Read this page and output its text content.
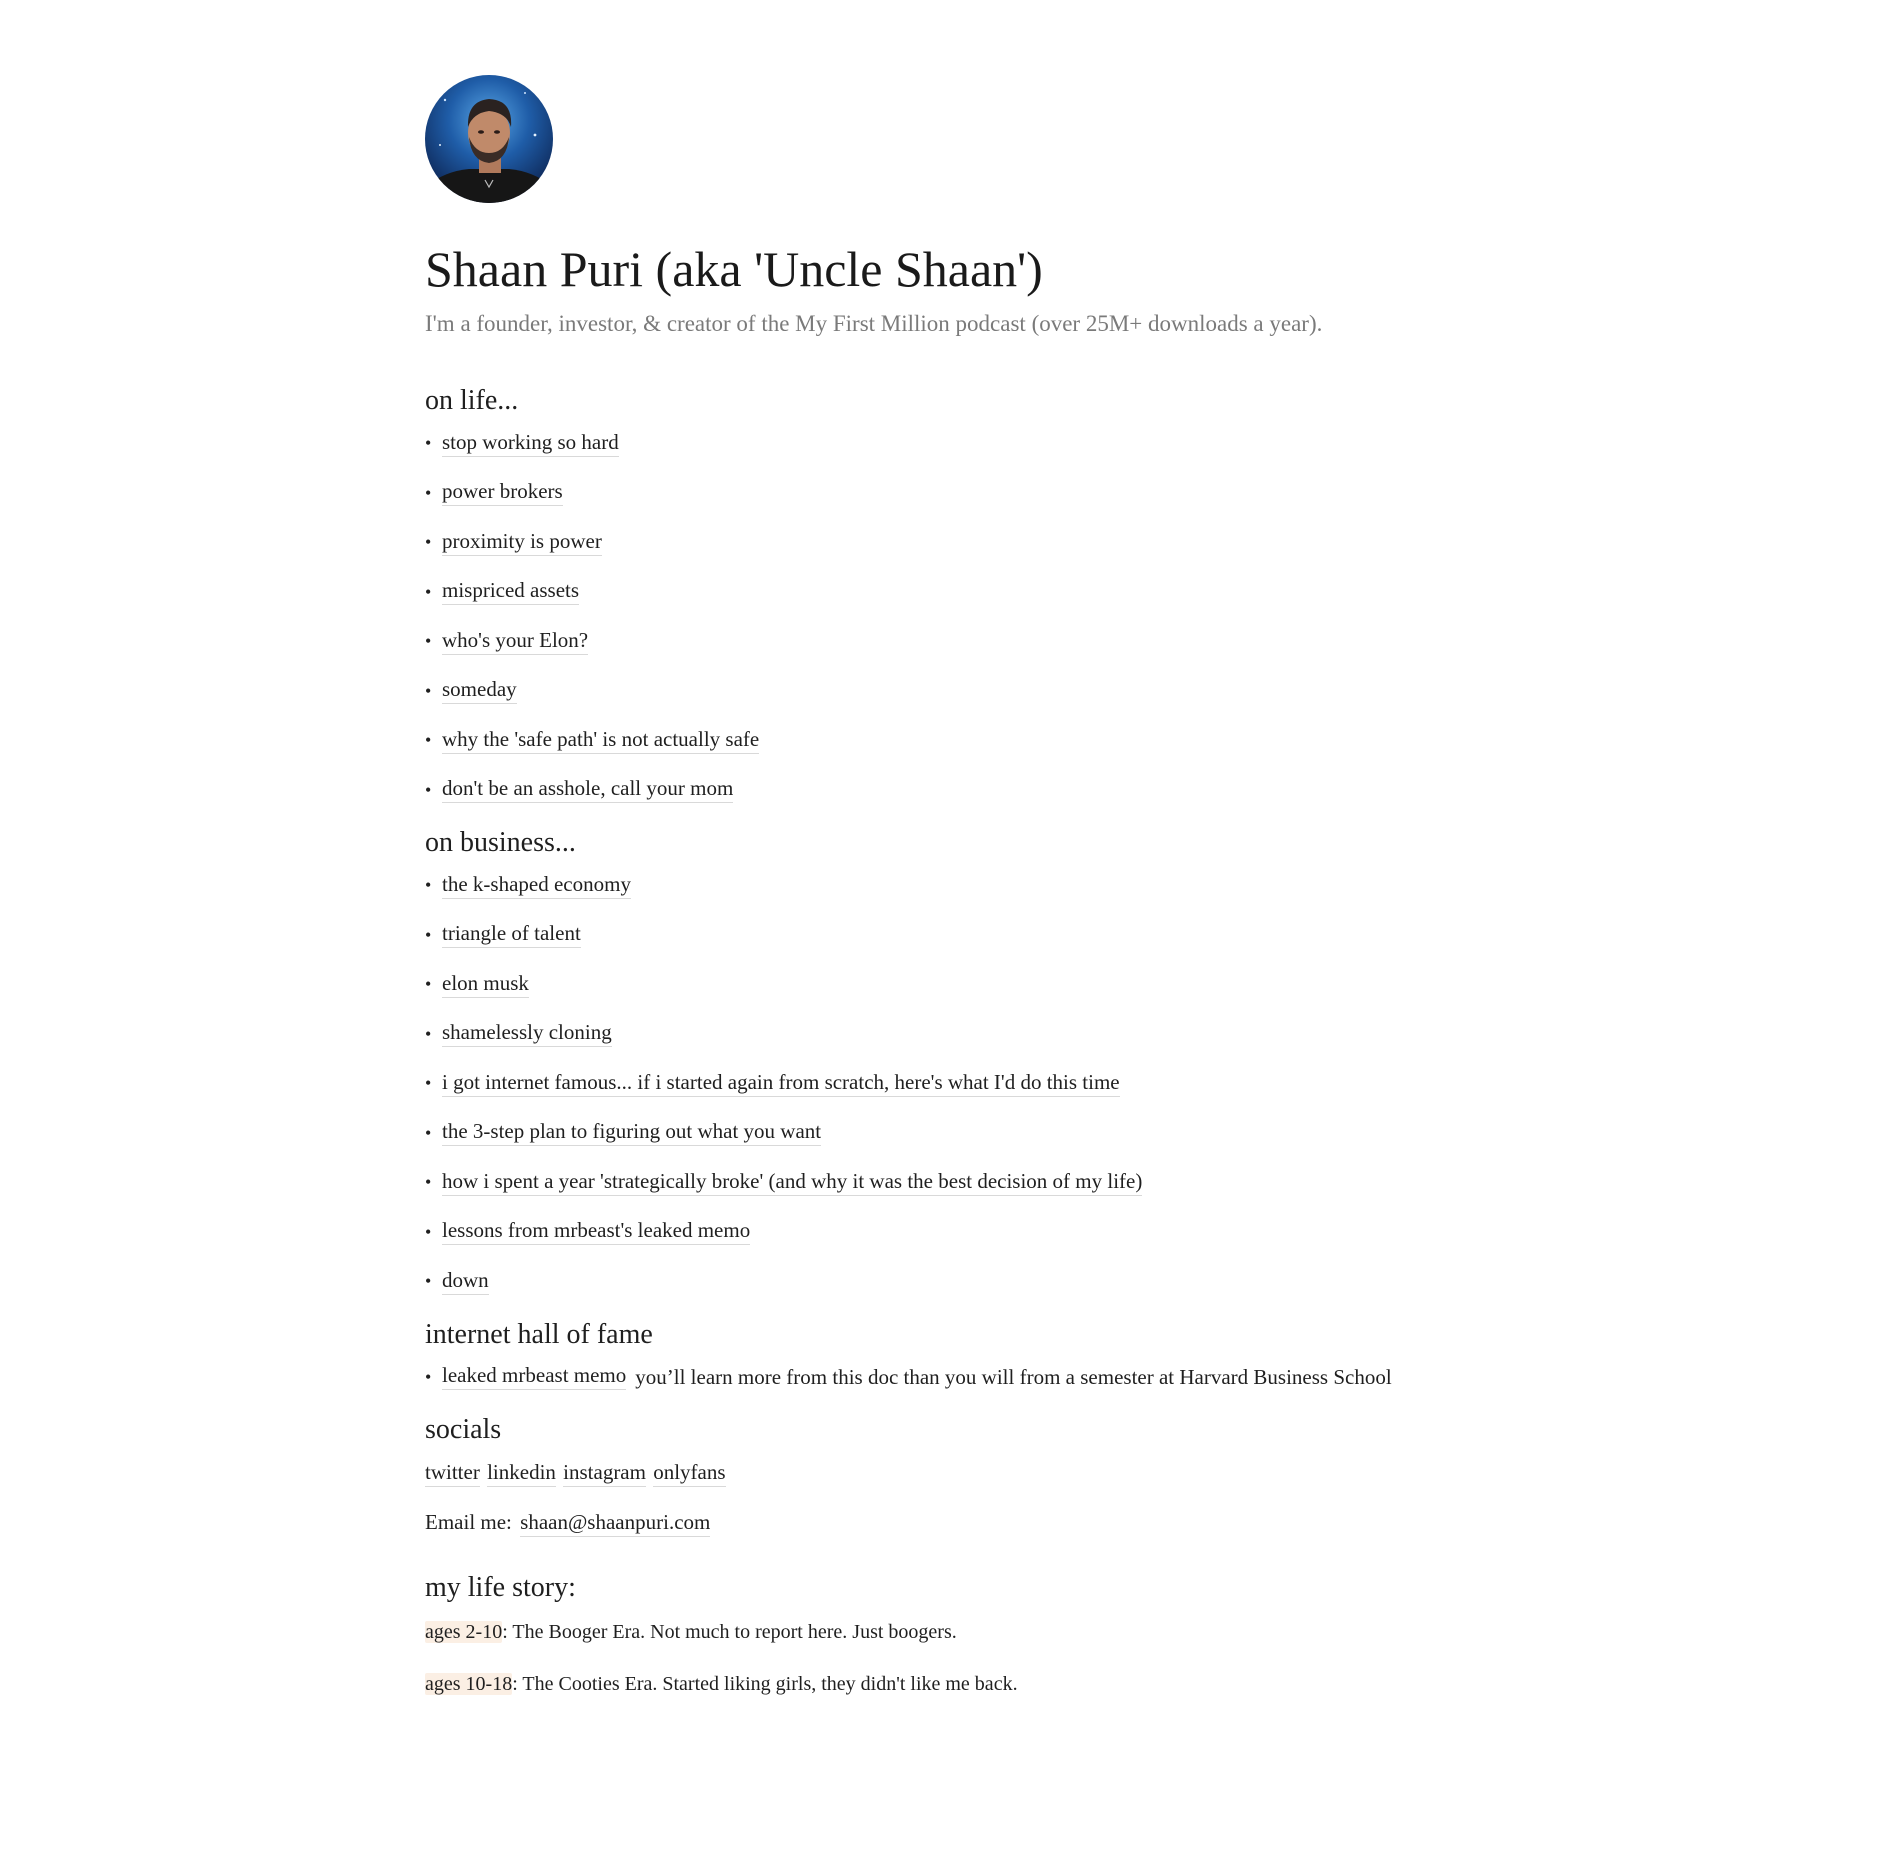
Shaan Puri (aka 'Uncle Shaan')
I'm a founder, investor, & creator of the My First Million podcast (over 25M+ downloads a year).
on life...
• stop working so hard
• power brokers
• proximity is power
• mispriced assets
• who's your Elon?
• someday
• why the 'safe path' is not actually safe
• don't be an asshole, call your mom
on business...
• the k-shaped economy
• triangle of talent
• elon musk
• shamelessly cloning
• i got internet famous... if i started again from scratch, here's what I'd do this time
• the 3-step plan to figuring out what you want
• how i spent a year 'strategically broke' (and why it was the best decision of my life)
• lessons from mrbeast's leaked memo
• down
internet hall of fame
• leaked mrbeast memo you’ll learn more from this doc than you will from a semester at Harvard Business School
socials
twitter linkedin instagram onlyfans
Email me: shaan@shaanpuri.com
my life story:
ages 2-10: The Booger Era. Not much to report here. Just boogers.
ages 10-18: The Cooties Era. Started liking girls, they didn't like me back.
